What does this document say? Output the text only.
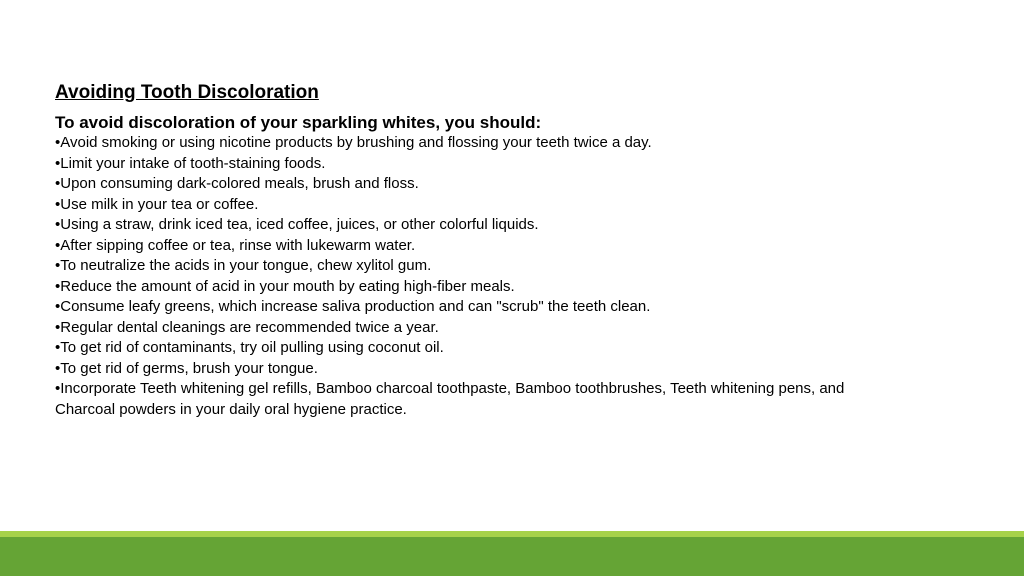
Avoiding Tooth Discoloration
To avoid discoloration of your sparkling whites, you should:
•Avoid smoking or using nicotine products by brushing and flossing your teeth twice a day.
•Limit your intake of tooth-staining foods.
•Upon consuming dark-colored meals, brush and floss.
•Use milk in your tea or coffee.
•Using a straw, drink iced tea, iced coffee, juices, or other colorful liquids.
•After sipping coffee or tea, rinse with lukewarm water.
•To neutralize the acids in your tongue, chew xylitol gum.
•Reduce the amount of acid in your mouth by eating high-fiber meals.
•Consume leafy greens, which increase saliva production and can "scrub" the teeth clean.
•Regular dental cleanings are recommended twice a year.
•To get rid of contaminants, try oil pulling using coconut oil.
•To get rid of germs, brush your tongue.
•Incorporate Teeth whitening gel refills, Bamboo charcoal toothpaste, Bamboo toothbrushes, Teeth whitening pens, and Charcoal powders in your daily oral hygiene practice.
